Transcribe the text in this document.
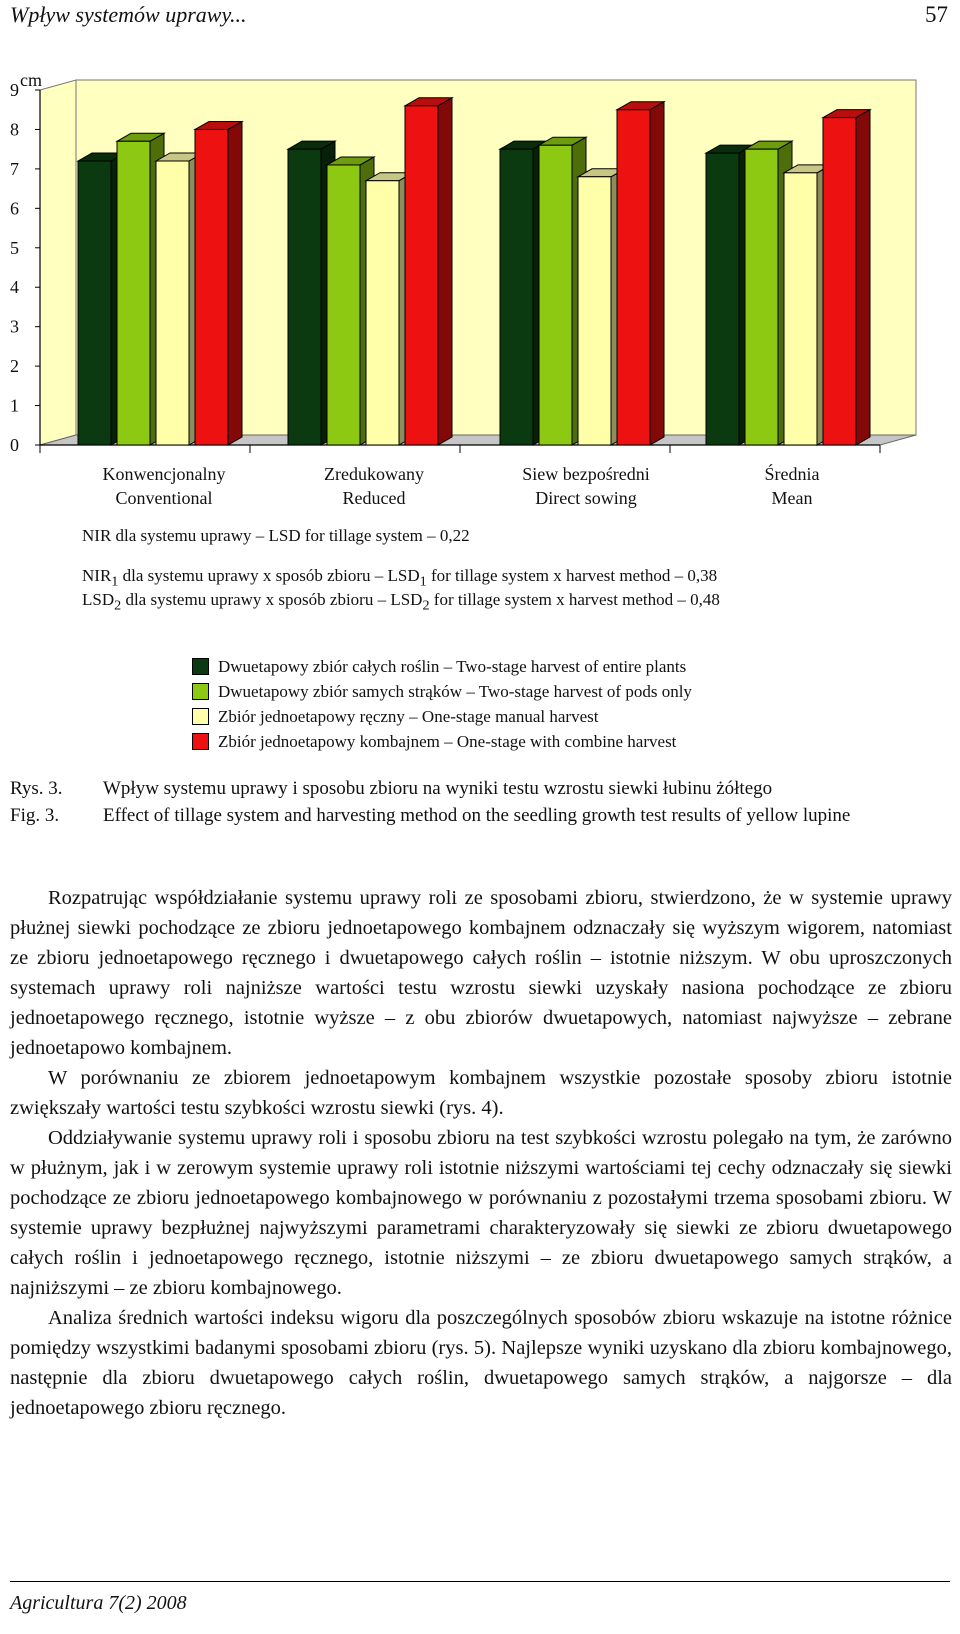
Wpływ systemów uprawy...	57
0
1
2
3
4
5
6
7
8
9 cm
Konwencjonalny
Conventional
Zredukowany
Reduced
Siew bezpośredni
Direct sowing
Średnia
Mean
NIR dla systemu uprawy – LSD for tillage system – 0,22
$NIR_1$ dla systemu uprawy x sposób zbioru – $LSD_1$ for tillage system x harvest method – 0,38
$LSD_2$ dla systemu uprawy x sposób zbioru – $LSD_2$ for tillage system x harvest method – 0,48
Dwuetapowy zbiór całych roślin – Two-stage harvest of entire plants
Dwuetapowy zbiór samych strąków – Two-stage harvest of pods only
Zbiór jednoetapowy ręczny – One-stage manual harvest
Zbiór jednoetapowy kombajnem – One-stage with combine harvest
Rys. 3. Wpływ systemu uprawy i sposobu zbioru na wyniki testu wzrostu siewki łubinu żółtego
Fig. 3. Effect of tillage system and harvesting method on the seedling growth test results of yellow lupine

Rozpatrując współdziałanie systemu uprawy roli ze sposobami zbioru, stwierdzono, że w systemie uprawy płużnej siewki pochodzące ze zbioru jednoetapowego kombajnem odznaczały się wyższym wigorem, natomiast ze zbioru jednoetapowego ręcznego i dwuetapowego całych roślin – istotnie niższym. W obu uproszczonych systemach uprawy roli najniższe wartości testu wzrostu siewki uzyskały nasiona pochodzące ze zbioru jednoetapowego ręcznego, istotnie wyższe – z obu zbiorów dwuetapowych, natomiast najwyższe – zebrane jednoetapowo kombajnem.

W porównaniu ze zbiorem jednoetapowym kombajnem wszystkie pozostałe sposoby zbioru istotnie zwiększały wartości testu szybkości wzrostu siewki (rys. 4).

Oddziaływanie systemu uprawy roli i sposobu zbioru na test szybkości wzrostu polegało na tym, że zarówno w płużnym, jak i w zerowym systemie uprawy roli istotnie niższymi wartościami tej cechy odznaczały się siewki pochodzące ze zbioru jednoetapowego kombajnowego w porównaniu z pozostałymi trzema sposobami zbioru. W systemie uprawy bezpłużnej najwyższymi parametrami charakteryzowały się siewki ze zbioru dwuetapowego całych roślin i jednoetapowego ręcznego, istotnie niższymi – ze zbioru dwuetapowego samych strąków, a najniższymi – ze zbioru kombajnowego.

Analiza średnich wartości indeksu wigoru dla poszczególnych sposobów zbioru wskazuje na istotne różnice pomiędzy wszystkimi badanymi sposobami zbioru (rys. 5). Najlepsze wyniki uzyskano dla zbioru kombajnowego, następnie dla zbioru dwuetapowego całych roślin, dwuetapowego samych strąków, a najgorsze – dla jednoetapowego zbioru ręcznego.

Agricultura 7(2) 2008
